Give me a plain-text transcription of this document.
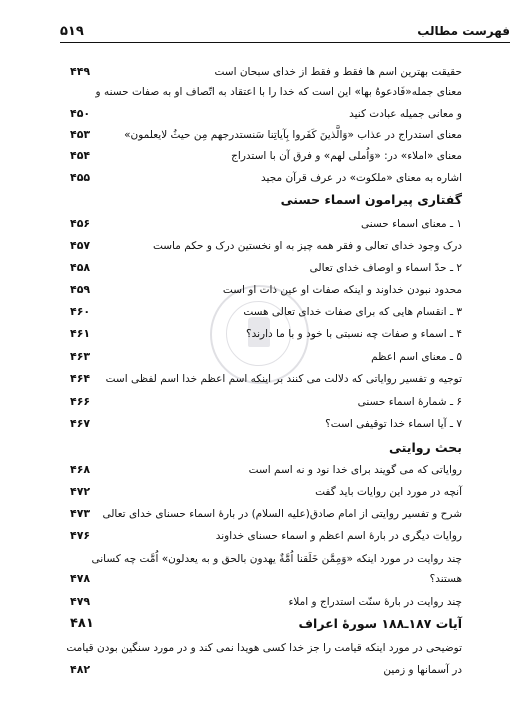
فهرست مطالب
۵۱۹
حقیقت بهترین اسم ها فقط و فقط از خدای سبحان است
۴۴۹
معنای جمله«فَادعوهُ بها» این است که خدا را با اعتقاد به اتّصاف او به صفات حسنه و
و معانی جمیله عبادت کنید
۴۵۰
معنای استدراج در عذاب «وَالَّذینَ کَفَروا بِآیاتِنا سَنستدرجهم مِن حیثُ لایعلمون»
۴۵۳
معنای «املاء» در: «وَاُملی لهم» و فرق آن با استدراج
۴۵۴
اشاره به معنای «ملکوت» در عرف قرآن مجید
۴۵۵
گفتاری پیرامون اسماء حسنی
۱ ـ معنای اسماء حسنی
۴۵۶
درک وجود خدای تعالی و فقر همه چیز به او نخستین درک و حکم ماست
۴۵۷
۲ ـ حدّ اسماء و اوصاف خدای تعالی
۴۵۸
محدود نبودن خداوند و اینکه صفات او عین ذات او است
۴۵۹
۳ ـ انقسام هایی که برای صفات خدای تعالی هست
۴۶۰
۴ ـ اسماء و صفات چه نسبتی با خود و با ما دارند؟
۴۶۱
۵ ـ معنای اسم اعظم
۴۶۳
توجیه و تفسیر روایاتی که دلالت می کنند بر اینکه اسم اعظم خدا اسم لفظی است
۴۶۴
۶ ـ شمارهٔ اسماء حسنی
۴۶۶
۷ ـ آیا اسماء خدا توقیفی است؟
۴۶۷
بحث روایتی
روایاتی که می گویند برای خدا نود و نه اسم است
۴۶۸
آنچه در مورد این روایات باید گفت
۴۷۲
شرح و تفسیر روایتی از امام صادق(علیه السلام) در بارهٔ اسماء حسنای خدای تعالی
۴۷۳
روایات دیگری در بارهٔ اسم اعظم و اسماء حسنای خداوند
۴۷۶
چند روایت در مورد اینکه «وَمِمَّن خَلَقنا اُمَّةٌ یهدون بالحق و به یعدلون» اُمَّت چه کسانی
هستند؟
۴۷۸
چند روایت در بارهٔ سنّت استدراج و املاء
۴۷۹
آیات ۱۸۷ـ۱۸۸ سورهٔ اعراف
۴۸۱
توضیحی در مورد اینکه قیامت را جز خدا کسی هویدا نمی کند و در مورد سنگین بودن قیامت
در آسمانها و زمین
۴۸۲
